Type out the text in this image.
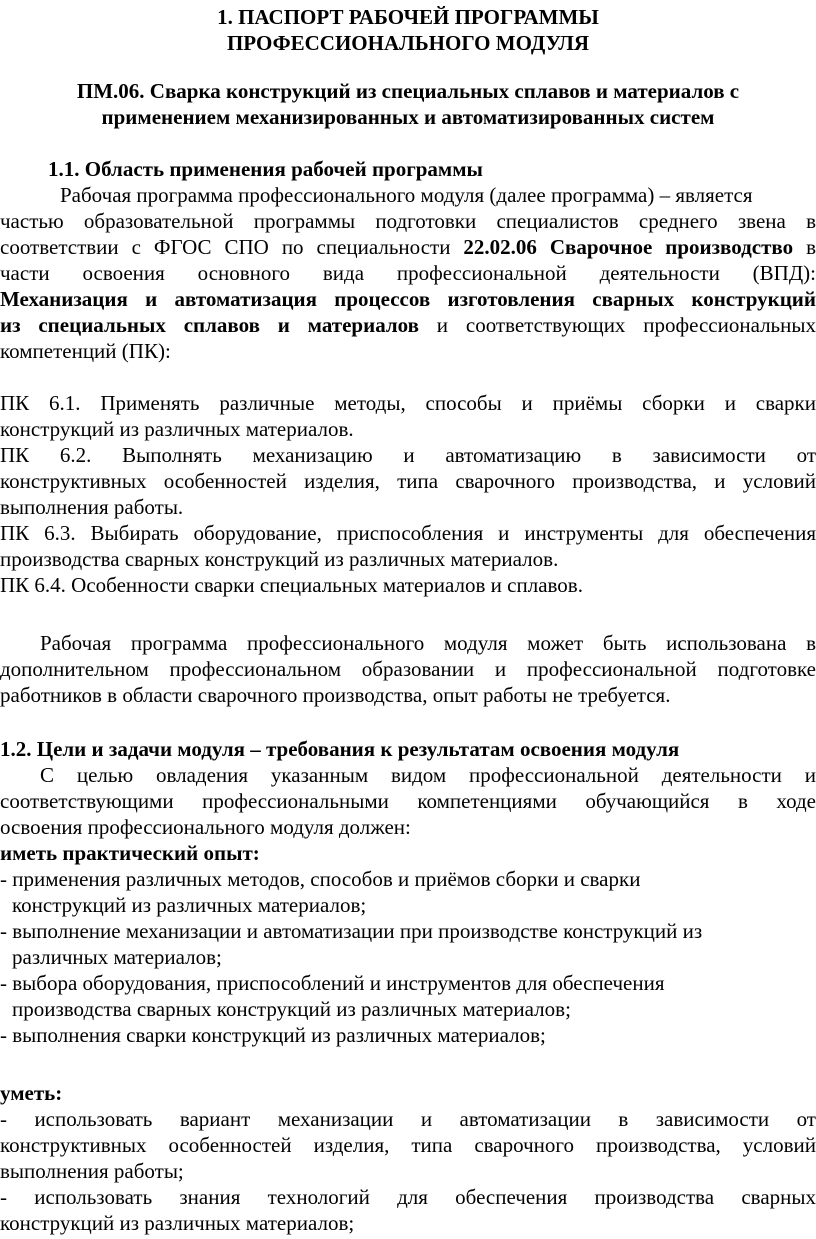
1. ПАСПОРТ РАБОЧЕЙ ПРОГРАММЫ
ПРОФЕССИОНАЛЬНОГО МОДУЛЯ
ПМ.06. Сварка конструкций из специальных сплавов и материалов с
применением механизированных и автоматизированных систем
1.1. Область применения рабочей программы
Рабочая программа профессионального модуля (далее программа) – является
частью образовательной программы подготовки специалистов среднего звена в
соответствии с ФГОС СПО по специальности 22.02.06 Сварочное производство в
части освоения основного вида профессиональной деятельности (ВПД):
Механизация и автоматизация процессов изготовления сварных конструкций
из специальных сплавов и материалов и соответствующих профессиональных
компетенций (ПК):
ПК 6.1. Применять различные методы, способы и приёмы сборки и сварки
конструкций из различных материалов.
ПК 6.2. Выполнять механизацию и автоматизацию в зависимости от
конструктивных особенностей изделия, типа сварочного производства, и условий
выполнения работы.
ПК 6.3. Выбирать оборудование, приспособления и инструменты для обеспечения
производства сварных конструкций из различных материалов.
ПК 6.4. Особенности сварки специальных материалов и сплавов.
Рабочая программа профессионального модуля может быть использована в
дополнительном профессиональном образовании и профессиональной подготовке
работников в области сварочного производства, опыт работы не требуется.
1.2. Цели и задачи модуля – требования к результатам освоения модуля
С целью овладения указанным видом профессиональной деятельности и
соответствующими профессиональными компетенциями обучающийся в ходе
освоения профессионального модуля должен:
иметь практический опыт:
- применения различных методов, способов и приёмов сборки и сварки
конструкций из различных материалов;
- выполнение механизации и автоматизации при производстве конструкций из
различных материалов;
- выбора оборудования, приспособлений и инструментов для обеспечения
производства сварных конструкций из различных материалов;
- выполнения сварки конструкций из различных материалов;
уметь:
- использовать вариант механизации и автоматизации в зависимости от
конструктивных особенностей изделия, типа сварочного производства, условий
выполнения работы;
- использовать знания технологий для обеспечения производства сварных
конструкций из различных материалов;
